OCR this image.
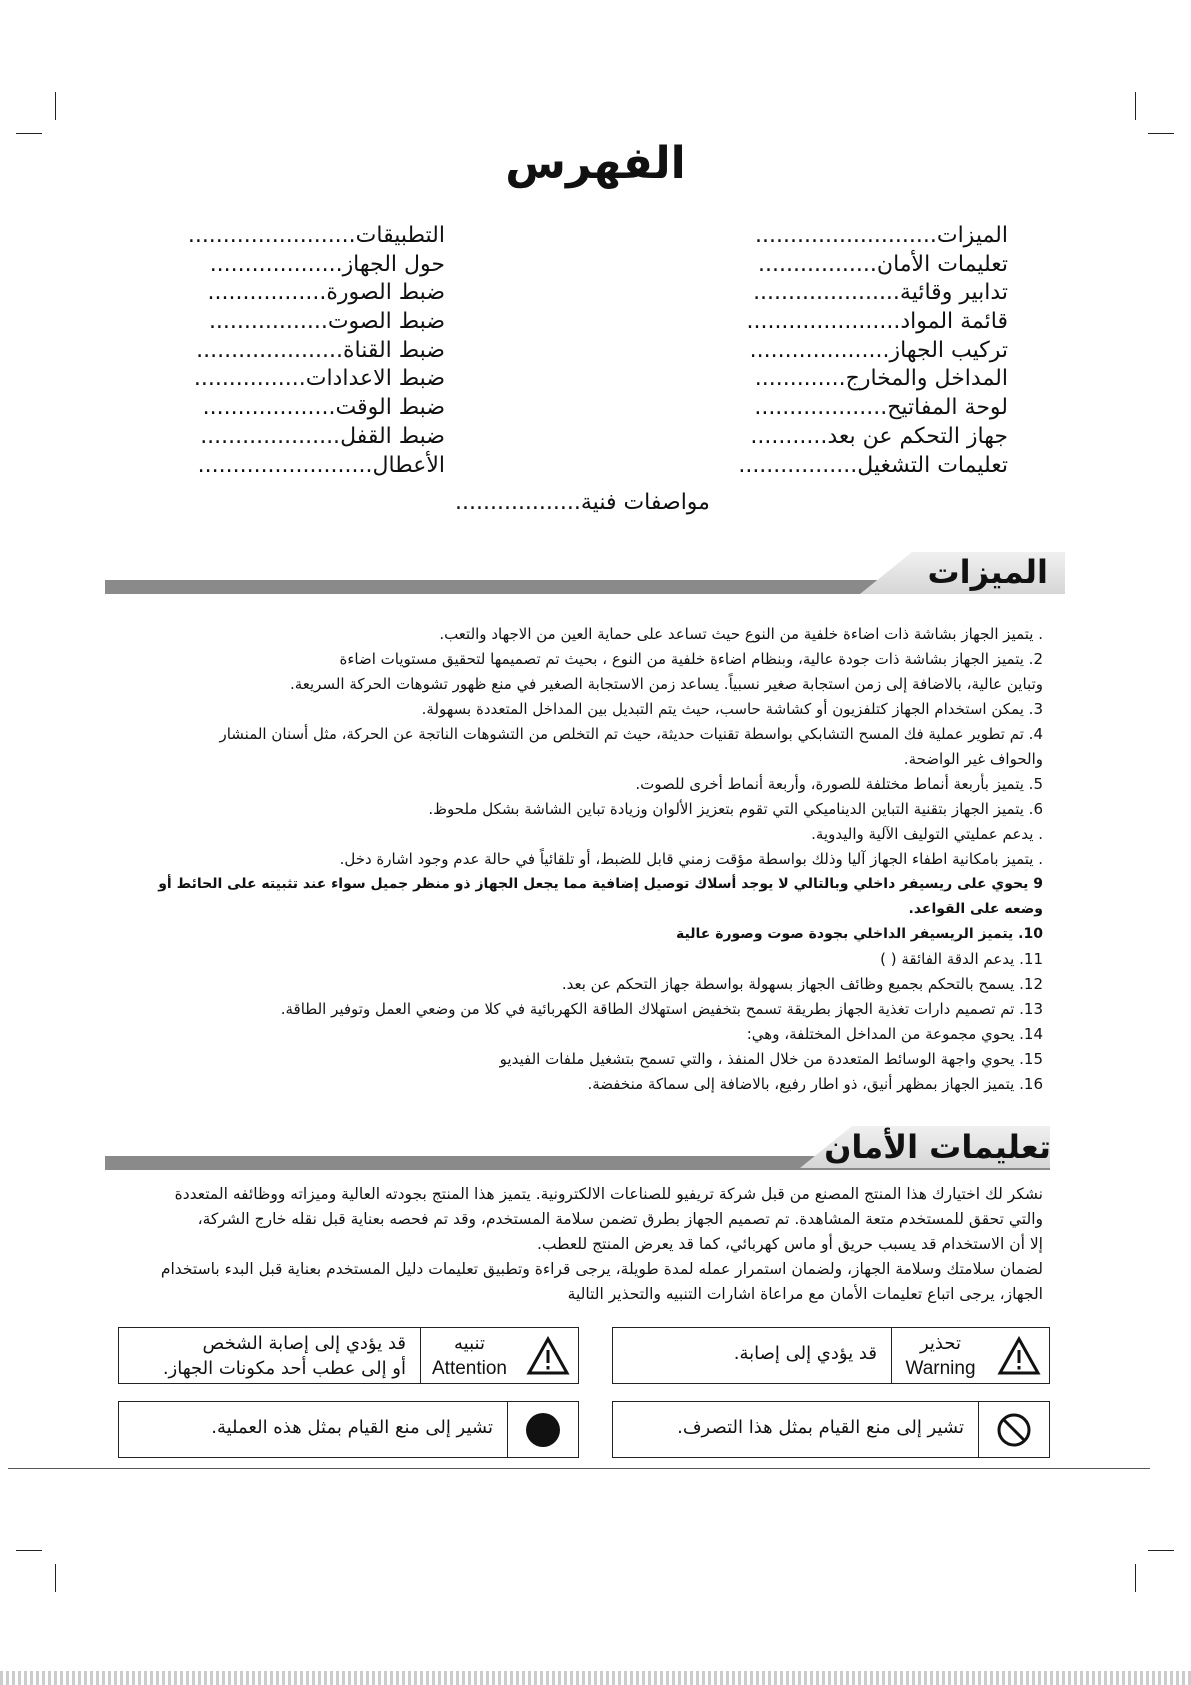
الفهرس
الميزات..........................
تعليمات الأمان.................
تدابير وقائية.....................
قائمة المواد......................
تركيب الجهاز....................
المداخل والمخارج.............
لوحة المفاتيح...................
جهاز التحكم عن بعد...........
تعليمات التشغيل.................
التطبيقات........................
حول الجهاز...................
ضبط الصورة.................
ضبط الصوت.................
ضبط القناة.....................
ضبط الاعدادات................
ضبط الوقت...................
ضبط القفل....................
الأعطال.........................
مواصفات فنية..................
الميزات
. يتميز الجهاز بشاشة ذات اضاءة خلفية من النوع حيث تساعد على حماية العين من الاجهاد والتعب.
2. يتميز الجهاز بشاشة ذات جودة عالية، وبنظام اضاءة خلفية من النوع ، بحيث تم تصميمها لتحقيق مستويات اضاءة
وتباين عالية، بالاضافة إلى زمن استجابة صغير نسبياً. يساعد زمن الاستجابة الصغير في منع ظهور تشوهات الحركة السريعة.
3. يمكن استخدام الجهاز كتلفزيون أو كشاشة حاسب، حيث يتم التبديل بين المداخل المتعددة بسهولة.
4. تم تطوير عملية فك المسح التشابكي بواسطة تقنيات حديثة، حيث تم التخلص من التشوهات الناتجة عن الحركة، مثل أسنان المنشار
والحواف غير الواضحة.
5. يتميز بأربعة أنماط مختلفة للصورة، وأربعة أنماط أخرى للصوت.
6. يتميز الجهاز بتقنية التباين الديناميكي التي تقوم بتعزيز الألوان وزيادة تباين الشاشة بشكل ملحوظ.
. يدعم عمليتي التوليف الآلية واليدوية.
. يتميز بامكانية اطفاء الجهاز آليا وذلك بواسطة مؤقت زمني قابل للضبط، أو تلقائياً في حالة عدم وجود اشارة دخل.
9 يحوي على ريسيفر داخلي وبالتالي لا يوجد أسلاك توصيل إضافية مما يجعل الجهاز ذو منظر جميل سواء عند تثبيته على الحائط أو
وضعه على القواعد.
10. يتميز الريسيفر الداخلي بجودة صوت وصورة عالية
11. يدعم الدقة الفائقة ( )
12. يسمح بالتحكم بجميع وظائف الجهاز بسهولة بواسطة جهاز التحكم عن بعد.
13. تم تصميم دارات تغذية الجهاز بطريقة تسمح بتخفيض استهلاك الطاقة الكهربائية في كلا من وضعي العمل وتوفير الطاقة.
14. يحوي مجموعة من المداخل المختلفة، وهي:
15. يحوي واجهة الوسائط المتعددة من خلال المنفذ ، والتي تسمح بتشغيل ملفات الفيديو
16. يتميز الجهاز بمظهر أنيق، ذو اطار رفيع، بالاضافة إلى سماكة منخفضة.
تعليمات الأمان
نشكر لك اختيارك هذا المنتج المصنع من قبل شركة تريفيو للصناعات الالكترونية. يتميز هذا المنتج بجودته العالية وميزاته ووظائفه المتعددة
والتي تحقق للمستخدم متعة المشاهدة. تم تصميم الجهاز بطرق تضمن سلامة المستخدم، وقد تم فحصه بعناية قبل نقله خارج الشركة،
إلا أن الاستخدام قد يسبب حريق أو ماس كهربائي، كما قد يعرض المنتج للعطب.
لضمان سلامتك وسلامة الجهاز، ولضمان استمرار عمله لمدة طويلة، يرجى قراءة وتطبيق تعليمات دليل المستخدم بعناية قبل البدء باستخدام
الجهاز، يرجى اتباع تعليمات الأمان مع مراعاة اشارات التنبيه والتحذير التالية
تحذير
Warning
قد يؤدي إلى إصابة.
تنبيه
Attention
قد يؤدي إلى إصابة الشخص
أو إلى عطب أحد مكونات الجهاز.
تشير إلى منع القيام بمثل هذا التصرف.
تشير إلى منع القيام بمثل هذه العملية.
